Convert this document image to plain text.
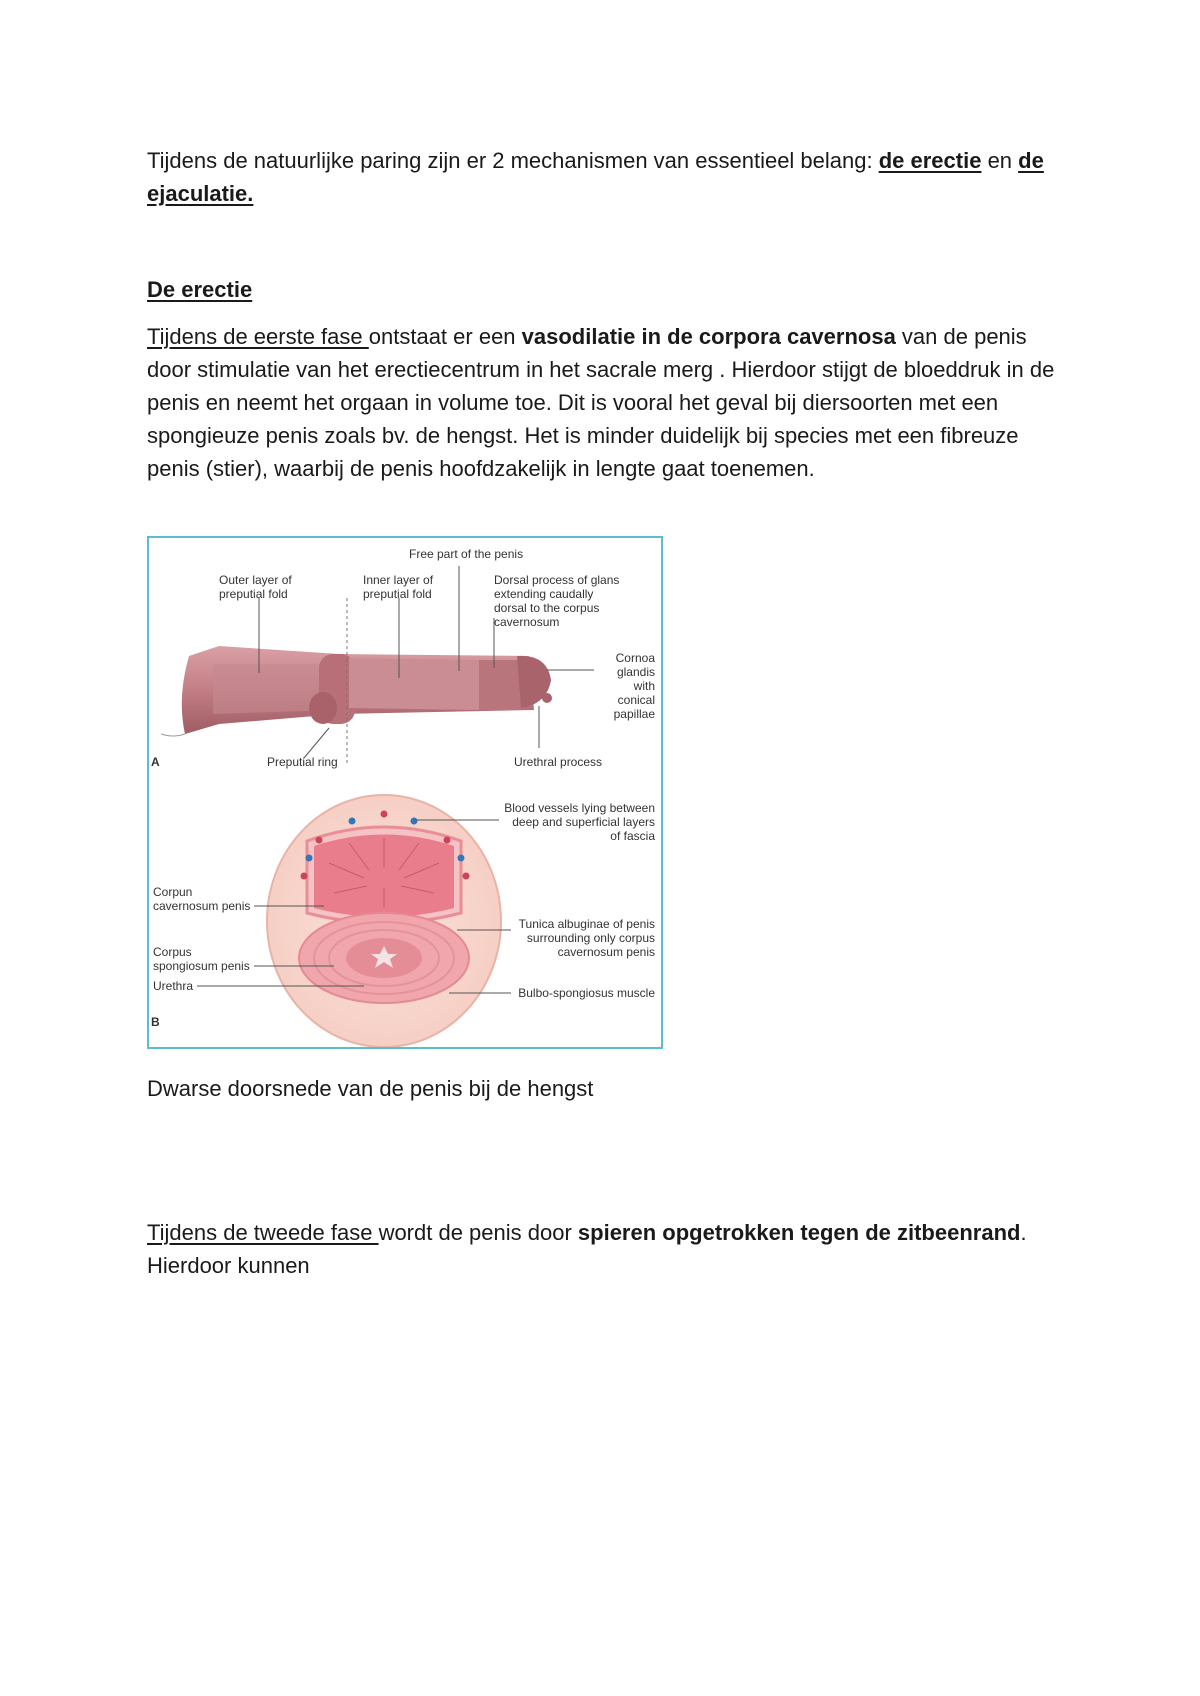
Tijdens de natuurlijke paring zijn er 2 mechanismen van essentieel belang: de erectie en de ejaculatie.

De erectie

Tijdens de eerste fase ontstaat er een vasodilatie in de corpora cavernosa van de penis door stimulatie van het erectiecentrum in het sacrale merg . Hierdoor stijgt de bloeddruk in de penis en neemt het orgaan in volume toe. Dit is vooral het geval bij diersoorten met een spongieuze penis zoals bv. de hengst. Het is minder duidelijk bij species met een fibreuze penis (stier), waarbij de penis hoofdzakelijk in lengte gaat toenemen.

A
Free part of the penis
Outer layer of
preputial fold
Inner layer of
preputial fold
Dorsal process of glans
extending caudally
dorsal to the corpus
cavernosum
Cornoa
glandis
with
conical
papillae
Preputial ring	Urethral process
B
Blood vessels lying between
deep and superficial layers
of fascia
Corpun
cavernosum penis
Corpus
spongiosum penis
Urethra
Tunica albuginae of penis
surrounding only corpus
cavernosum penis
Bulbo-spongiosus muscle

Dwarse doorsnede van de penis bij de hengst

Tijdens de tweede fase wordt de penis door spieren opgetrokken tegen de zitbeenrand. Hierdoor kunnen
